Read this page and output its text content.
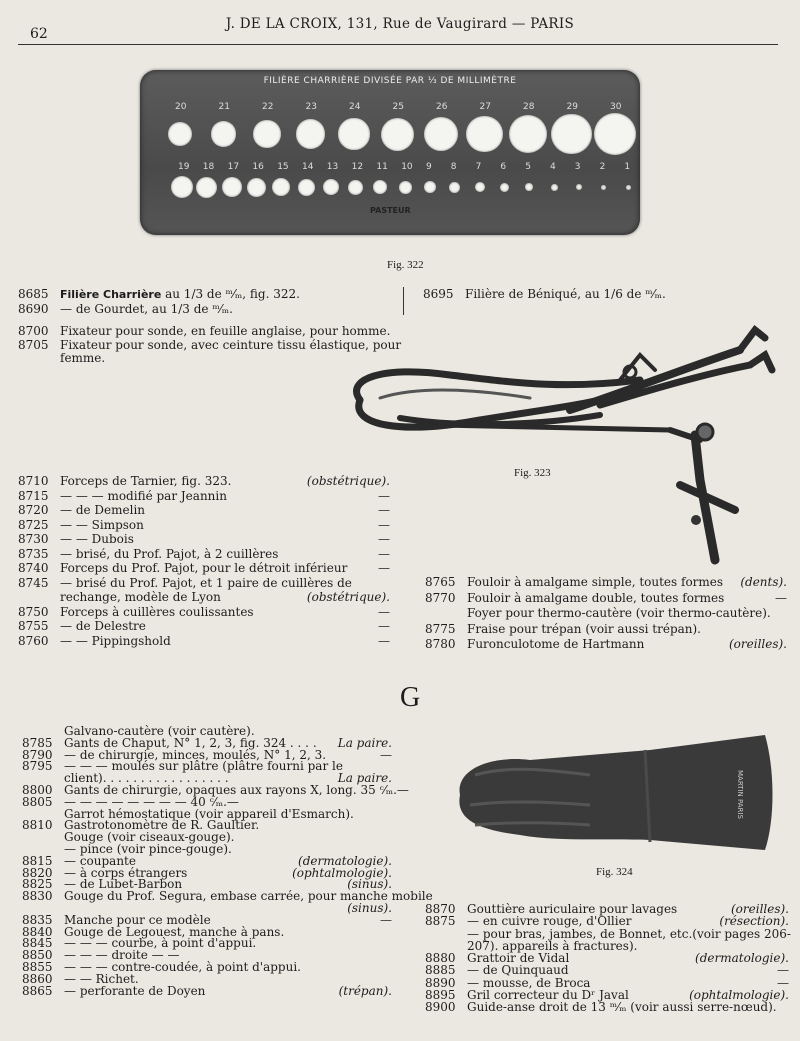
62
J. DE LA CROIX, 131, Rue de Vaugirard — PARIS
FILIÈRE CHARRIÈRE DIVISÉE PAR ⅓ DE MILLIMÈTRE
PASTEUR
20	21	22	23	24	25	26	27	28	29	30
19 18 17 16 15 14 13 12 11 10 9 8 7 6 5 4 3 2 1
Fig. 322
8685 Filière Charrière au 1/3 de ᵐ⁄ₘ, fig. 322.
8690 — de Gourdet, au 1/3 de ᵐ⁄ₘ.
8695 Filière de Béniqué, au 1/6 de ᵐ⁄ₘ.
8700 Fixateur pour sonde, en feuille anglaise, pour homme.
8705 Fixateur pour sonde, avec ceinture tissu élastique, pour
femme.
Fig. 323
8710 Forceps de Tarnier, fig. 323.	(obstétrique).
8715 — — — modifié par Jeannin	—
8720 — de Demelin	—
8725 — — Simpson	—
8730 — — Dubois	—
8735 — brisé, du Prof. Pajot, à 2 cuillères	—
8740 Forceps du Prof. Pajot, pour le détroit inférieur	—
8745 — brisé du Prof. Pajot, et 1 paire de cuillères de
rechange, modèle de Lyon	(obstétrique).
8750 Forceps à cuillères coulissantes	—
8755 — de Delestre	—
8760 — — Pippingshold	—
8765 Fouloir à amalgame simple, toutes formes (dents).
8770 Fouloir à amalgame double, toutes formes	—
Foyer pour thermo-cautère (voir thermo-cautère).
8775 Fraise pour trépan (voir aussi trépan).
8780 Furonculotome de Hartmann	(oreilles).
G
Galvano-cautère (voir cautère).
8785 Gants de Chaput, N° 1, 2, 3, fig. 324 . . . . La paire.
8790 — de chirurgie, minces, moulés, N° 1, 2, 3.	—
8795 — — — moulés sur plâtre (plâtre fourni par le
client). . . . . . . . . . . . . . . . .	La paire.
8800 Gants de chirurgie, opaques aux rayons X, long. 35 ᶜ⁄ₘ.—
8805 — — — — — — — — 40 ᶜ⁄ₘ.—
Garrot hémostatique (voir appareil d'Esmarch).
8810 Gastrotonomètre de R. Gaultier.
Gouge (voir ciseaux-gouge).
— pince (voir pince-gouge).
8815 — coupante	(dermatologie).
8820 — à corps étrangers	(ophtalmologie).
8825 — de Lubet-Barbon	(sinus).
8830 Gouge du Prof. Segura, embase carrée, pour manche mobile
(sinus).
8835 Manche pour ce modèle	—
8840 Gouge de Legouest, manche à pans.
8845 — — — courbe, à point d'appui.
8850 — — — droite — —
8855 — — — contre-coudée, à point d'appui.
8860 — — Richet.
8865 — perforante de Doyen	(trépan).
MARTIN PARIS
Fig. 324
8870 Gouttière auriculaire pour lavages	(oreilles).
8875 — en cuivre rouge, d'Ollier	(résection).
— pour bras, jambes, de Bonnet, etc.(voir pages 206-
207). appareils à fractures).
8880 Grattoir de Vidal	(dermatologie).
8885 — de Quinquaud	—
8890 — mousse, de Broca	—
8895 Gril correcteur du Dʳ Javal	(ophtalmologie).
8900 Guide-anse droit de 13 ᵐ⁄ₘ (voir aussi serre-nœud).
